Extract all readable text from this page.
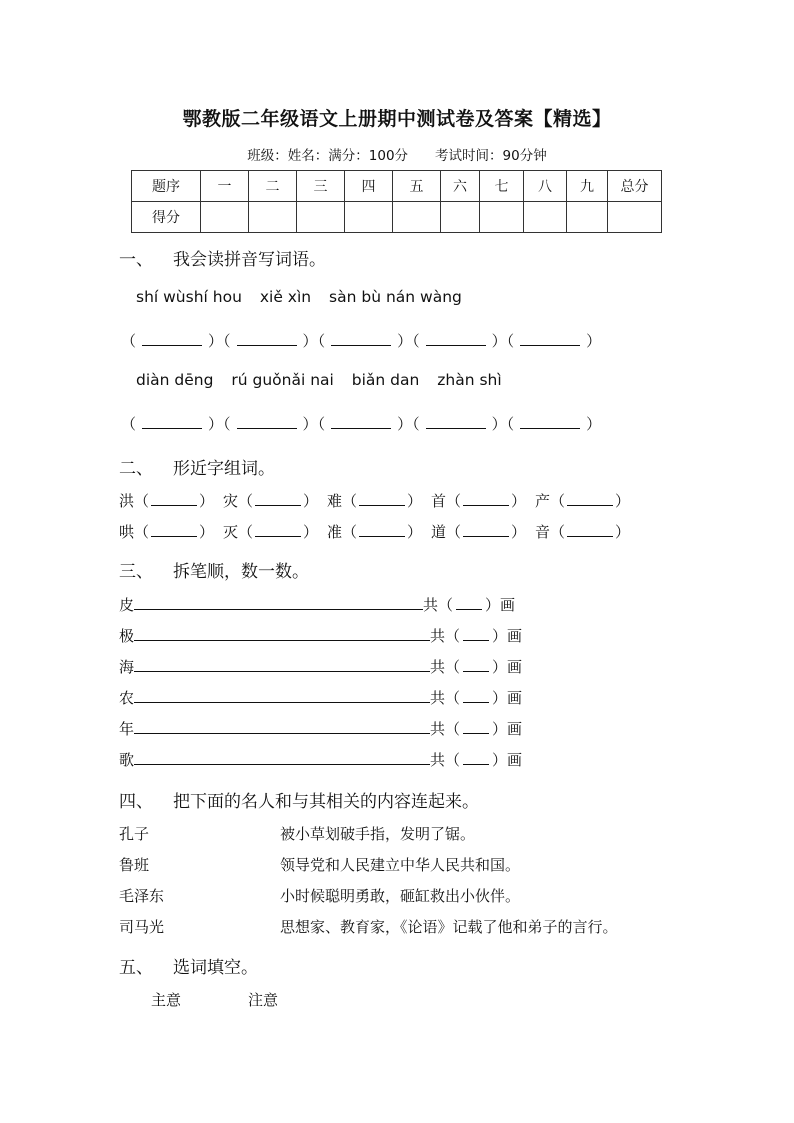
鄂教版二年级语文上册期中测试卷及答案【精选】
班级：姓名：满分：100分　　考试时间：90分钟
题序	一	二	三	四	五	六	七	八	九	总分
得分										
一、 我会读拼音写词语。
shí wùshí hou xiě xìn sàn bù nán wàng
（	）（	）（	）（	）（	）
diàn dēng rú guǒnǎi nai biǎn dan zhàn shì
（	）（	）（	）（	）（	）
二、 形近字组词。
洪（	） 灾（	） 难（	） 首（	） 产（	）
哄（	） 灭（	） 准（	） 道（	） 音（	）
三、 拆笔顺，数一数。
皮	共（ ）画
极	共（ ）画
海	共（ ）画
农	共（ ）画
年	共（ ）画
歌	共（ ）画
四、 把下面的名人和与其相关的内容连起来。
孔子	被小草划破手指，发明了锯。
鲁班	领导党和人民建立中华人民共和国。
毛泽东	小时候聪明勇敢，砸缸救出小伙伴。
司马光	思想家、教育家，《论语》记载了他和弟子的言行。
五、 选词填空。
主意	注意
